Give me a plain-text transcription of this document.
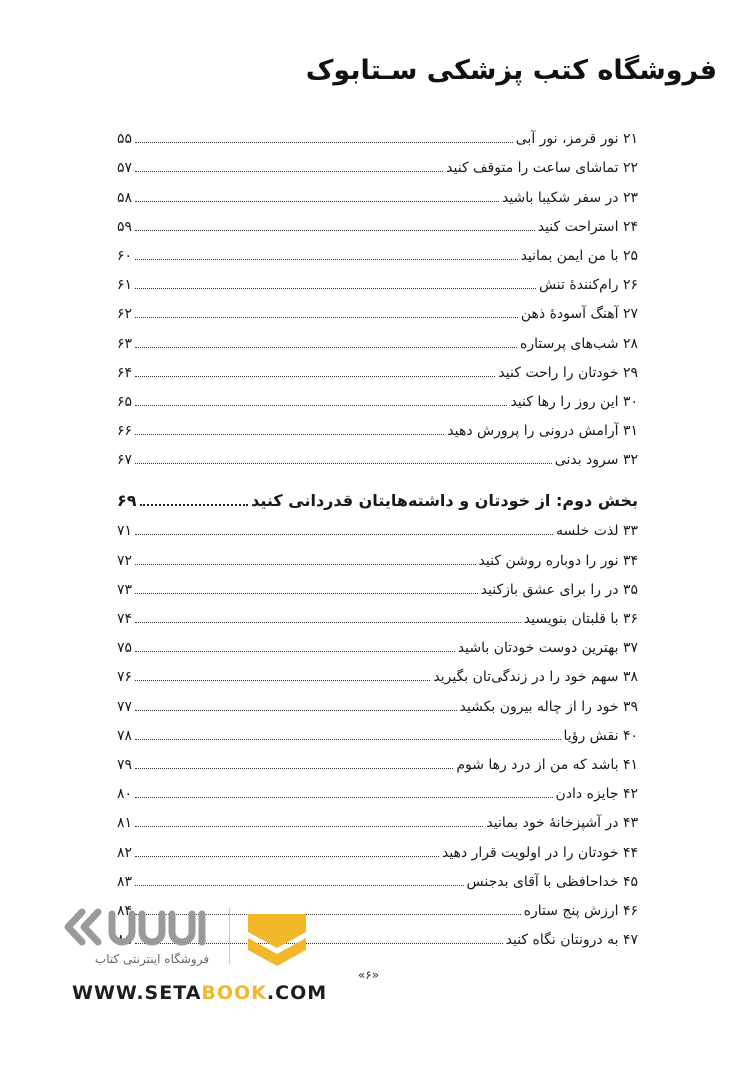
فروشگاه کتب پزشکی سـتابوک
۲۱ نور قرمز، نور آبی
۵۵
۲۲ تماشای ساعت را متوقف کنید
۵۷
۲۳ در سفر شکیبا باشید
۵۸
۲۴ استراحت کنید
۵۹
۲۵ با من ایمن بمانید
۶۰
۲۶ رام‌کنندهٔ تنش
۶۱
۲۷ آهنگ آسودهٔ ذهن
۶۲
۲۸ شب‌های پرستاره
۶۳
۲۹ خودتان را راحت کنید
۶۴
۳۰ این روز را رها کنید
۶۵
۳۱ آرامش درونی را پرورش دهید
۶۶
۳۲ سرود بدنی
۶۷
بخش دوم: از خودتان و داشته‌هایتان قدردانی کنید
۶۹
۳۳ لذت خلسه
۷۱
۳۴ نور را دوباره روشن کنید
۷۲
۳۵ در را برای عشق بازکنید
۷۳
۳۶ با قلبتان بنویسید
۷۴
۳۷ بهترین دوست خودتان باشید
۷۵
۳۸ سهم خود را در زندگی‌تان بگیرید
۷۶
۳۹ خود را از چاله بیرون بکشید
۷۷
۴۰ نقش رؤیا
۷۸
۴۱ باشد که من از درد رها شوم
۷۹
۴۲ جایزه دادن
۸۰
۴۳ در آشپزخانهٔ خود بمانید
۸۱
۴۴ خودتان را در اولویت قرار دهید
۸۲
۴۵ خداحافظی با آقای بدجنس
۸۳
۴۶ ارزش پنج ستاره
۸۴
۴۷ به درونتان نگاه کنید
۸۵
«۶»
فروشگاه اینترنتی کتاب
WWW.SETABOOK.COM
